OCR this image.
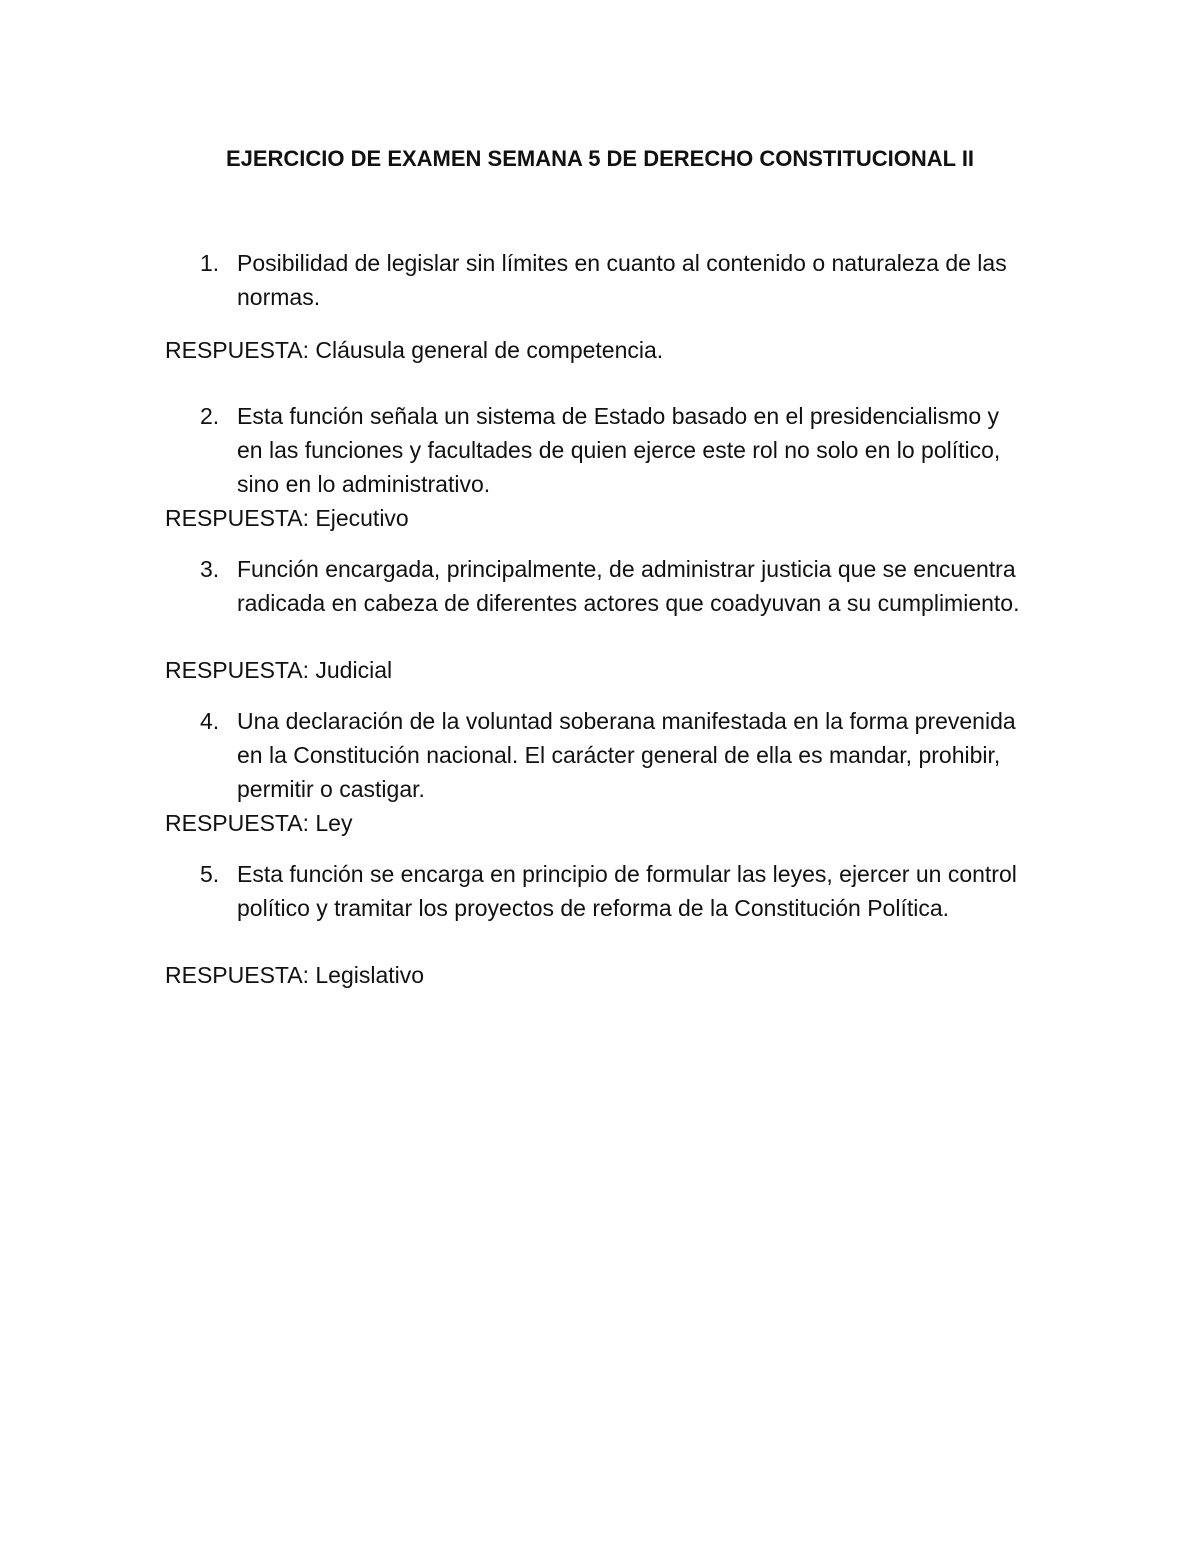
EJERCICIO DE EXAMEN SEMANA 5 DE DERECHO CONSTITUCIONAL II
1. Posibilidad de legislar sin límites en cuanto al contenido o naturaleza de las normas.
RESPUESTA: Cláusula general de competencia.
2. Esta función señala un sistema de Estado basado en el presidencialismo y en las funciones y facultades de quien ejerce este rol no solo en lo político, sino en lo administrativo.
RESPUESTA: Ejecutivo
3. Función encargada, principalmente, de administrar justicia que se encuentra radicada en cabeza de diferentes actores que coadyuvan a su cumplimiento.
RESPUESTA: Judicial
4. Una declaración de la voluntad soberana manifestada en la forma prevenida en la Constitución nacional. El carácter general de ella es mandar, prohibir, permitir o castigar.
RESPUESTA: Ley
5. Esta función se encarga en principio de formular las leyes, ejercer un control político y tramitar los proyectos de reforma de la Constitución Política.
RESPUESTA: Legislativo
